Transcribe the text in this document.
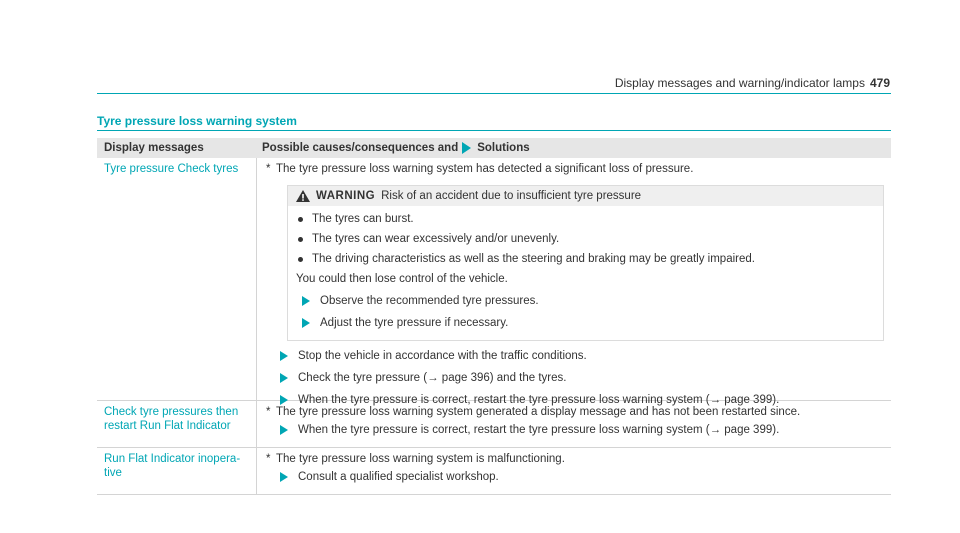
Display messages and warning/indicator lamps 479
Tyre pressure loss warning system
Display messages	Possible causes/consequences and Solutions
Tyre pressure Check tyres	* The tyre pressure loss warning system has detected a significant loss of pressure.
WARNING Risk of an accident due to insufficient tyre pressure
The tyres can burst.
The tyres can wear excessively and/or unevenly.
The driving characteristics as well as the steering and braking may be greatly impaired.
You could then lose control of the vehicle.
Observe the recommended tyre pressures.
Adjust the tyre pressure if necessary.
Stop the vehicle in accordance with the traffic conditions.
Check the tyre pressure (→ page 396) and the tyres.
When the tyre pressure is correct, restart the tyre pressure loss warning system (→ page 399).
Check tyre pressures then restart Run Flat Indicator
* The tyre pressure loss warning system generated a display message and has not been restarted since.
When the tyre pressure is correct, restart the tyre pressure loss warning system (→ page 399).
Run Flat Indicator inopera- tive
* The tyre pressure loss warning system is malfunctioning.
Consult a qualified specialist workshop.
